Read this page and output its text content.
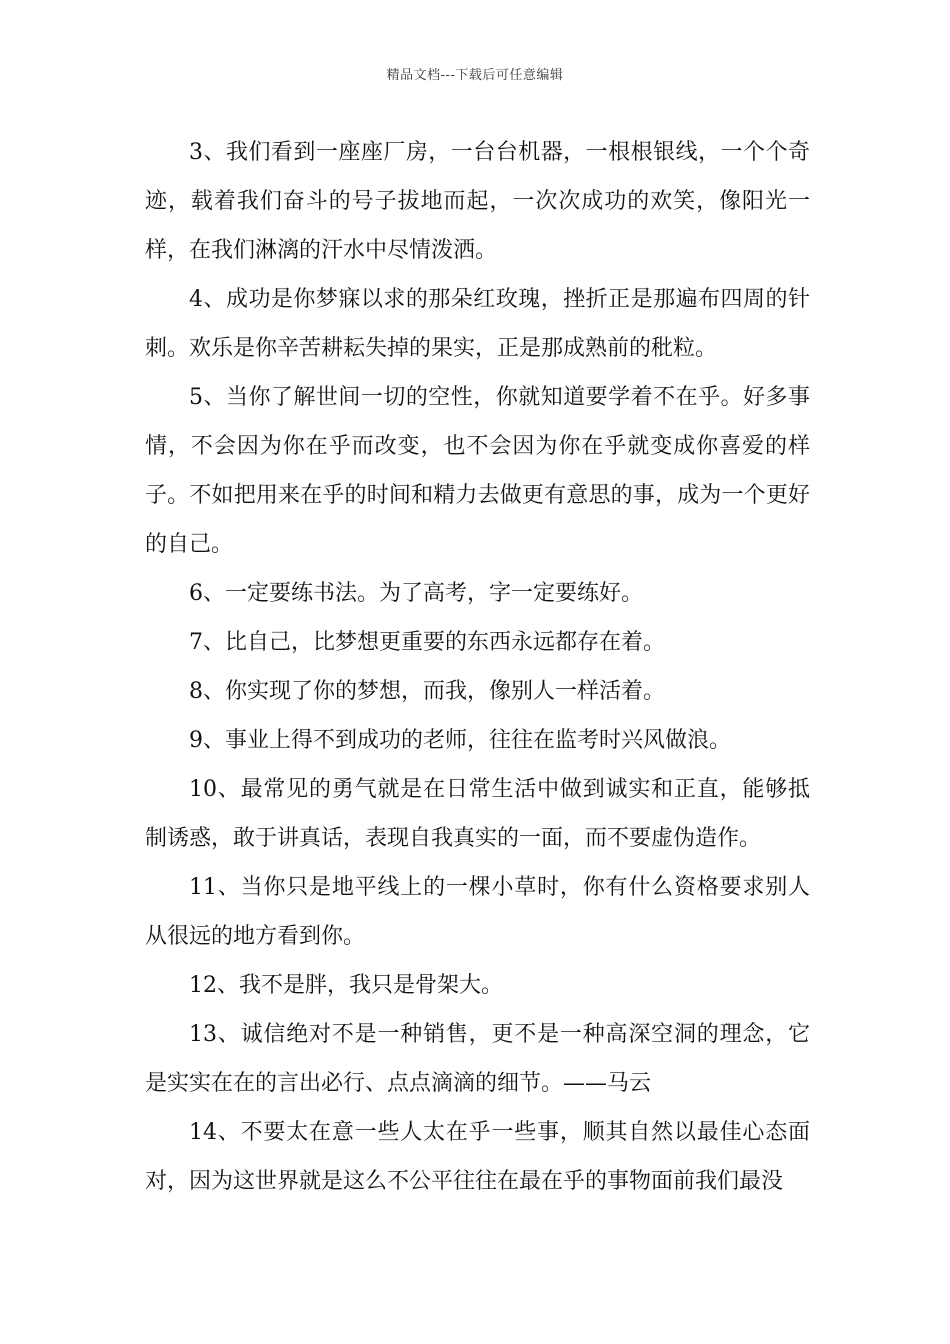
精品文档---下载后可任意编辑

3、我们看到一座座厂房，一台台机器，一根根银线，一个个奇迹，载着我们奋斗的号子拔地而起，一次次成功的欢笑，像阳光一样，在我们淋漓的汗水中尽情泼洒。

4、成功是你梦寐以求的那朵红玫瑰，挫折正是那遍布四周的针刺。欢乐是你辛苦耕耘失掉的果实，正是那成熟前的秕粒。

5、当你了解世间一切的空性，你就知道要学着不在乎。好多事情，不会因为你在乎而改变，也不会因为你在乎就变成你喜爱的样子。不如把用来在乎的时间和精力去做更有意思的事，成为一个更好的自己。

6、一定要练书法。为了高考，字一定要练好。

7、比自己，比梦想更重要的东西永远都存在着。

8、你实现了你的梦想，而我，像别人一样活着。

9、事业上得不到成功的老师，往往在监考时兴风做浪。

10、最常见的勇气就是在日常生活中做到诚实和正直，能够抵制诱惑，敢于讲真话，表现自我真实的一面，而不要虚伪造作。

11、当你只是地平线上的一棵小草时，你有什么资格要求别人从很远的地方看到你。

12、我不是胖，我只是骨架大。

13、诚信绝对不是一种销售，更不是一种高深空洞的理念，它是实实在在的言出必行、点点滴滴的细节。——马云

14、不要太在意一些人太在乎一些事，顺其自然以最佳心态面对，因为这世界就是这么不公平往往在最在乎的事物面前我们最没
